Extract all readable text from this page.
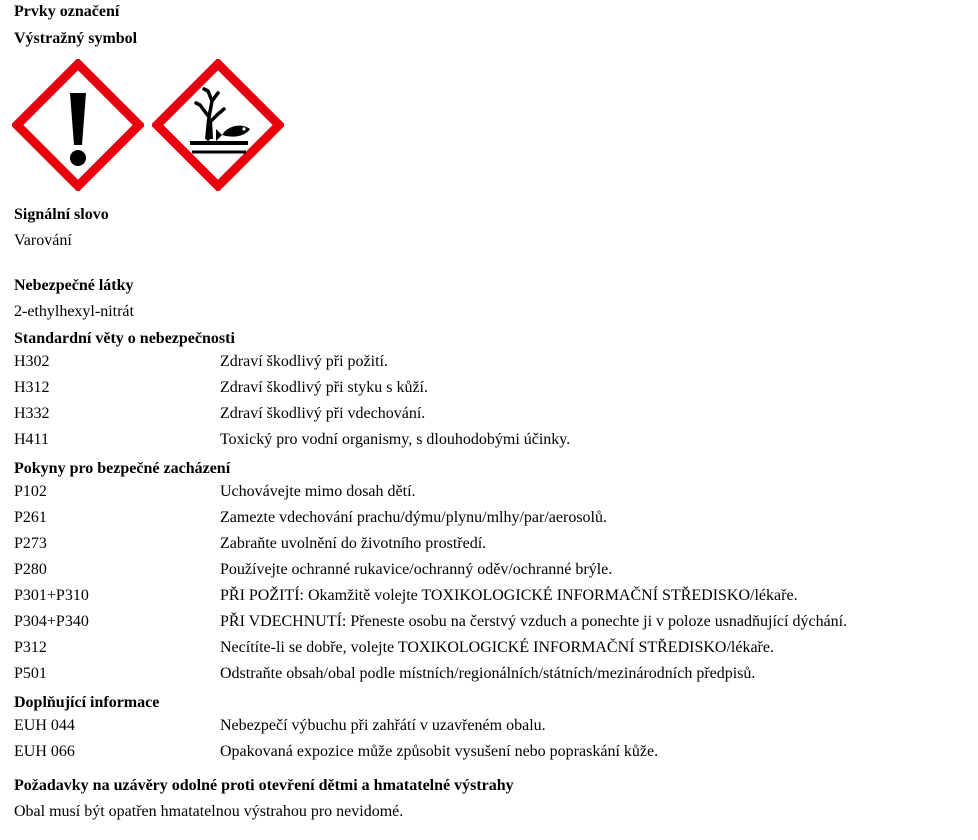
Prvky označení
Výstražný symbol
Signální slovo
Varování
Nebezpečné látky
2-ethylhexyl-nitrát
Standardní věty o nebezpečnosti
H302	Zdraví škodlivý při požití.
H312	Zdraví škodlivý při styku s kůží.
H332	Zdraví škodlivý při vdechování.
H411	Toxický pro vodní organismy, s dlouhodobými účinky.
Pokyny pro bezpečné zacházení
P102	Uchovávejte mimo dosah dětí.
P261	Zamezte vdechování prachu/dýmu/plynu/mlhy/par/aerosolů.
P273	Zabraňte uvolnění do životního prostředí.
P280	Používejte ochranné rukavice/ochranný oděv/ochranné brýle.
P301+P310	PŘI POŽITÍ: Okamžitě volejte TOXIKOLOGICKÉ INFORMAČNÍ STŘEDISKO/lékaře.
P304+P340	PŘI VDECHNUTÍ: Přeneste osobu na čerstvý vzduch a ponechte ji v poloze usnadňující dýchání.
P312	Necítíte-li se dobře, volejte TOXIKOLOGICKÉ INFORMAČNÍ STŘEDISKO/lékaře.
P501	Odstraňte obsah/obal podle místních/regionálních/státních/mezinárodních předpisů.
Doplňující informace
EUH 044	Nebezpečí výbuchu při zahřátí v uzavřeném obalu.
EUH 066	Opakovaná expozice může způsobit vysušení nebo popraskání kůže.
Požadavky na uzávěry odolné proti otevření dětmi a hmatatelné výstrahy
Obal musí být opatřen hmatatelnou výstrahou pro nevidomé.
